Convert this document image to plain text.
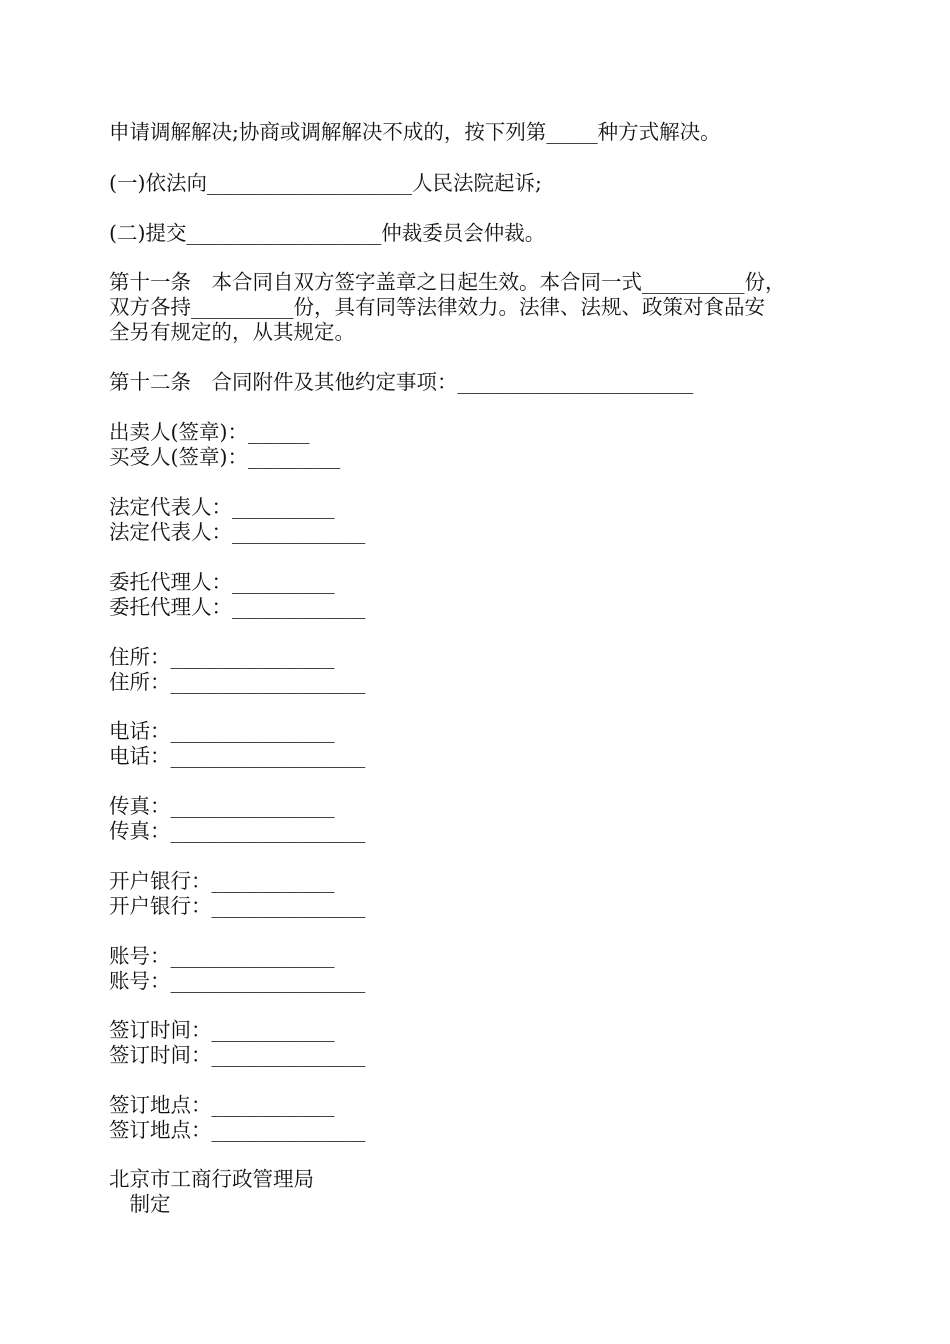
申请调解解决;协商或调解解决不成的，按下列第_____种方式解决。
(一)依法向____________________人民法院起诉;
(二)提交___________________仲裁委员会仲裁。
第十一条　本合同自双方签字盖章之日起生效。本合同一式__________份，
双方各持__________份，具有同等法律效力。法律、法规、政策对食品安
全另有规定的，从其规定。
第十二条　合同附件及其他约定事项：_______________________
出卖人(签章)：______
买受人(签章)：_________
法定代表人：__________
法定代表人：_____________
委托代理人：__________
委托代理人：_____________
住所：________________
住所：___________________
电话：________________
电话：___________________
传真：________________
传真：___________________
开户银行：____________
开户银行：_______________
账号：________________
账号：___________________
签订时间：____________
签订时间：_______________
签订地点：____________
签订地点：_______________
北京市工商行政管理局
　制定
